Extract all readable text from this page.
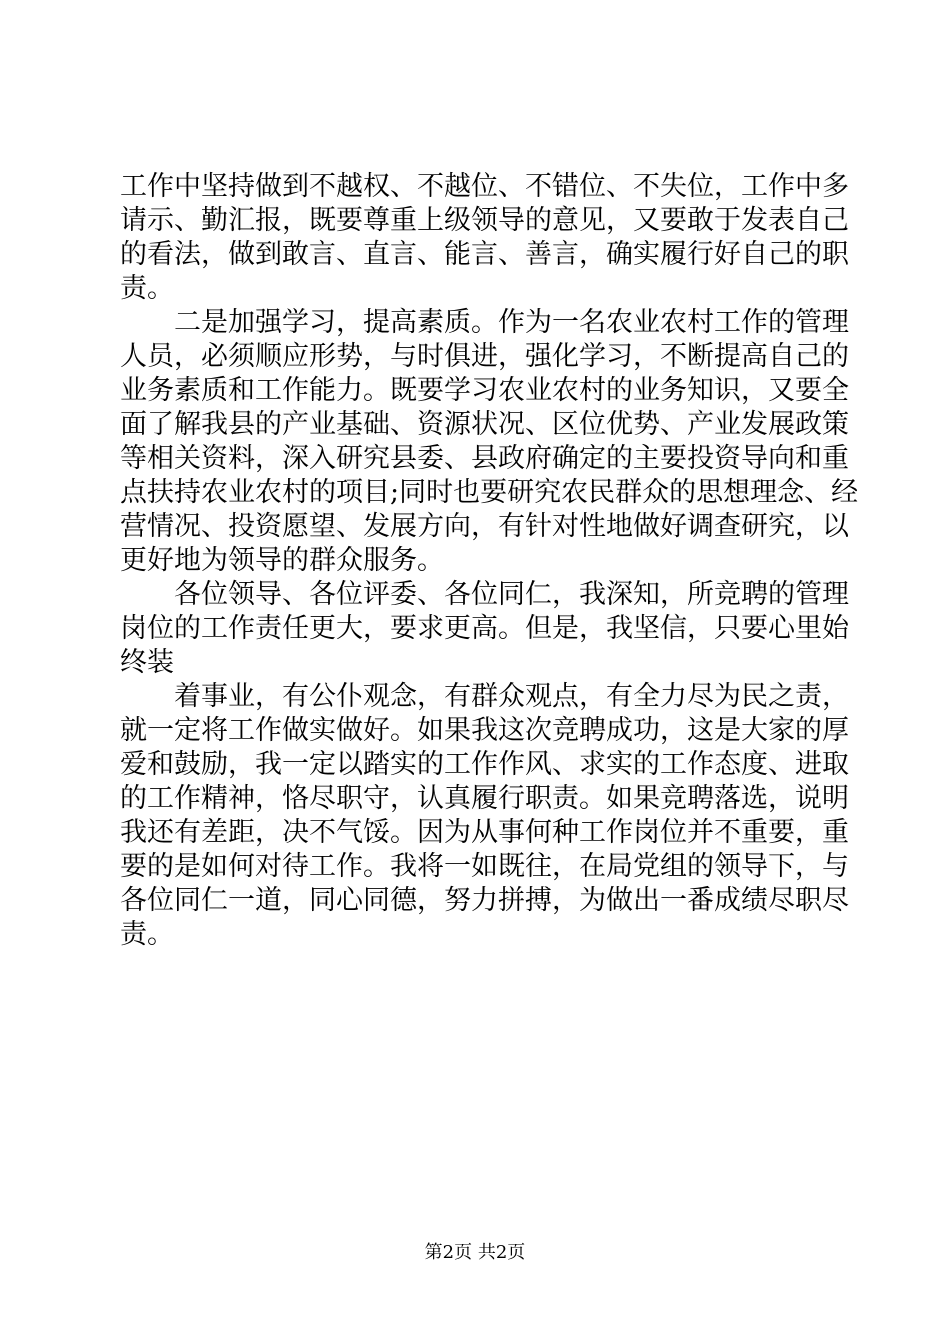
工作中坚持做到不越权、不越位、不错位、不失位，工作中多
请示、勤汇报，既要尊重上级领导的意见，又要敢于发表自己
的看法，做到敢言、直言、能言、善言，确实履行好自己的职
责。
二是加强学习，提高素质。作为一名农业农村工作的管理
人员，必须顺应形势，与时俱进，强化学习，不断提高自己的
业务素质和工作能力。既要学习农业农村的业务知识，又要全
面了解我县的产业基础、资源状况、区位优势、产业发展政策
等相关资料，深入研究县委、县政府确定的主要投资导向和重
点扶持农业农村的项目;同时也要研究农民群众的思想理念、经
营情况、投资愿望、发展方向，有针对性地做好调查研究，以
更好地为领导的群众服务。
各位领导、各位评委、各位同仁，我深知，所竞聘的管理
岗位的工作责任更大，要求更高。但是，我坚信，只要心里始
终装
着事业，有公仆观念，有群众观点，有全力尽为民之责，
就一定将工作做实做好。如果我这次竞聘成功，这是大家的厚
爱和鼓励，我一定以踏实的工作作风、求实的工作态度、进取
的工作精神，恪尽职守，认真履行职责。如果竞聘落选，说明
我还有差距，决不气馁。因为从事何种工作岗位并不重要，重
要的是如何对待工作。我将一如既往，在局党组的领导下，与
各位同仁一道，同心同德，努力拼搏，为做出一番成绩尽职尽
责。
第2页 共2页
